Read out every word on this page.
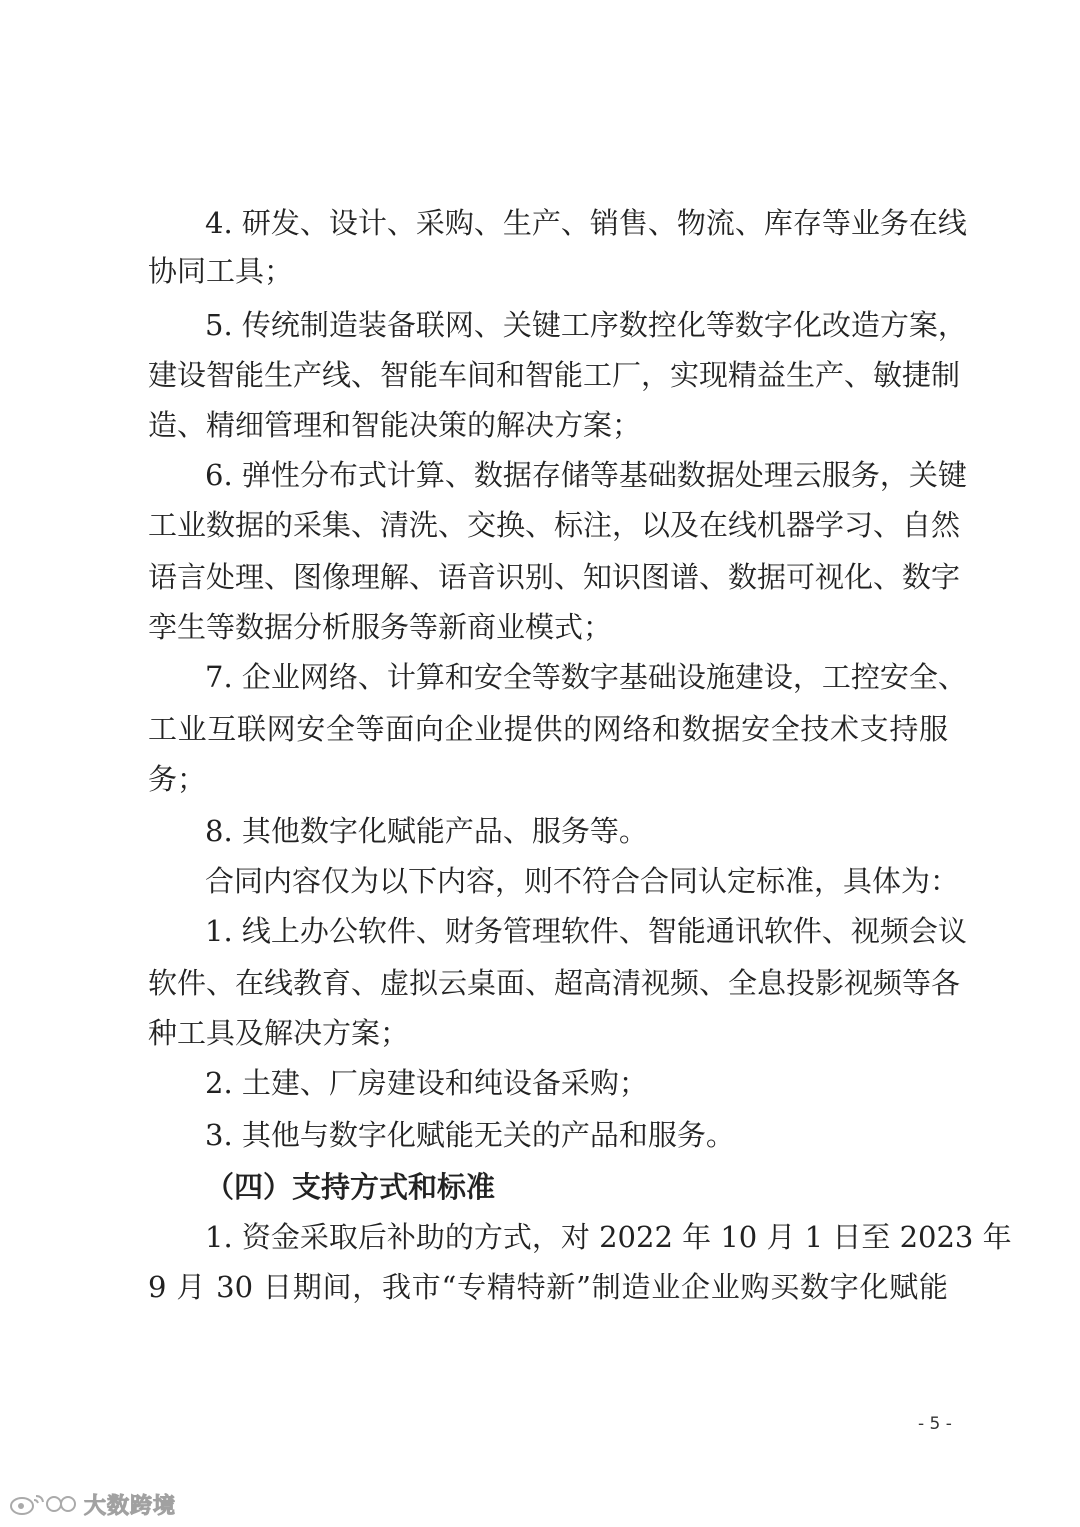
4. 研发、设计、采购、生产、销售、物流、库存等业务在线
协同工具；
5. 传统制造装备联网、关键工序数控化等数字化改造方案，
建设智能生产线、智能车间和智能工厂，实现精益生产、敏捷制
造、精细管理和智能决策的解决方案；
6. 弹性分布式计算、数据存储等基础数据处理云服务，关键
工业数据的采集、清洗、交换、标注，以及在线机器学习、自然
语言处理、图像理解、语音识别、知识图谱、数据可视化、数字
孪生等数据分析服务等新商业模式；
7. 企业网络、计算和安全等数字基础设施建设，工控安全、
工业互联网安全等面向企业提供的网络和数据安全技术支持服
务；
8. 其他数字化赋能产品、服务等。
合同内容仅为以下内容，则不符合合同认定标准，具体为：
1. 线上办公软件、财务管理软件、智能通讯软件、视频会议
软件、在线教育、虚拟云桌面、超高清视频、全息投影视频等各
种工具及解决方案；
2. 土建、厂房建设和纯设备采购；
3. 其他与数字化赋能无关的产品和服务。
（四）支持方式和标准
1. 资金采取后补助的方式，对 2022 年 10 月 1 日至 2023 年
9 月 30 日期间，我市“专精特新”制造业企业购买数字化赋能
- 5 -
大数跨境
